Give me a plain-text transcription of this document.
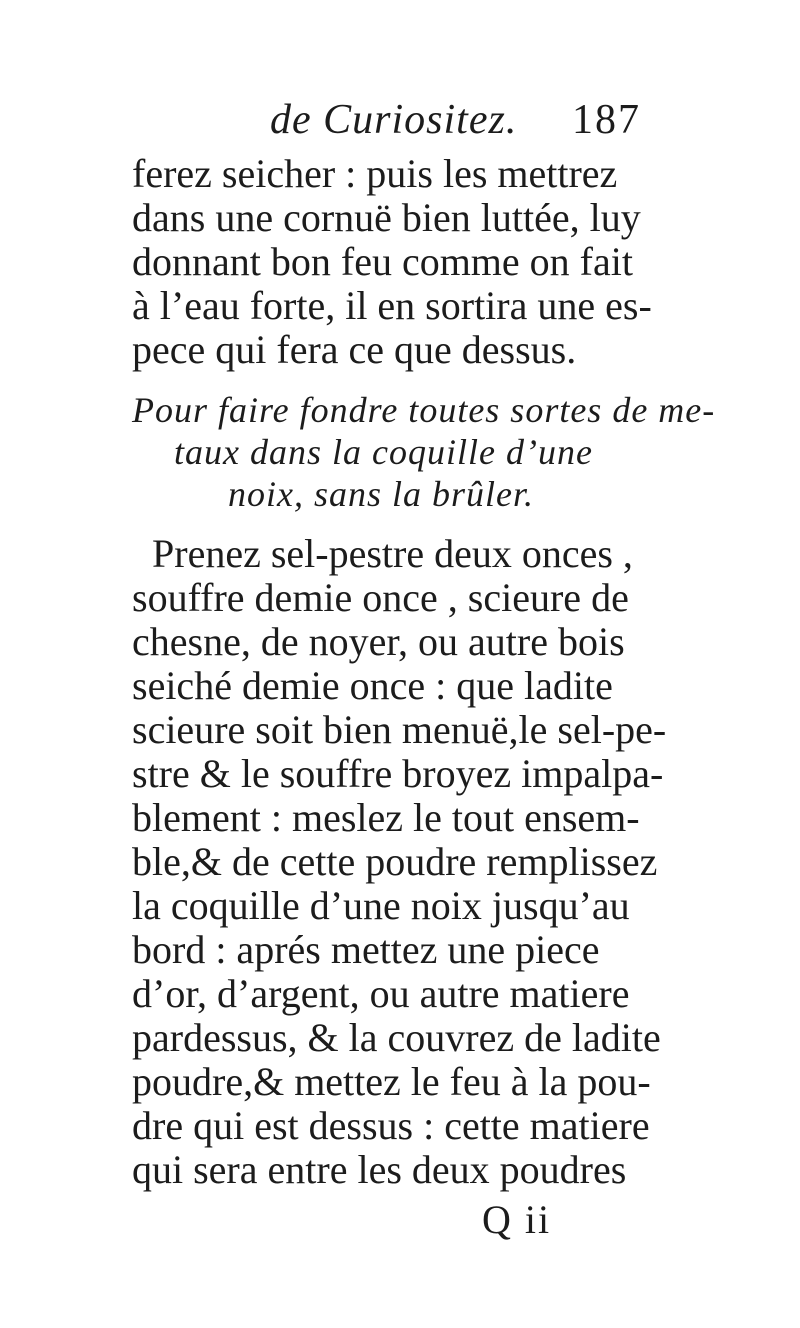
de Curiositez. 187
ferez seicher : puis les mettrez
dans une cornuë bien luttée, luy
donnant bon feu comme on fait
à l’eau forte, il en sortira une es-
pece qui fera ce que dessus.
Pour faire fondre toutes sortes de me-
taux dans la coquille d’une
noix, sans la brûler.
Prenez sel-pestre deux onces ,
souffre demie once , scieure de
chesne, de noyer, ou autre bois
seiché demie once : que ladite
scieure soit bien menuë,le sel-pe-
stre & le souffre broyez impalpa-
blement : meslez le tout ensem-
ble,& de cette poudre remplissez
la coquille d’une noix jusqu’au
bord : aprés mettez une piece
d’or, d’argent, ou autre matiere
pardessus, & la couvrez de ladite
poudre,& mettez le feu à la pou-
dre qui est dessus : cette matiere
qui sera entre les deux poudres
Q ii
